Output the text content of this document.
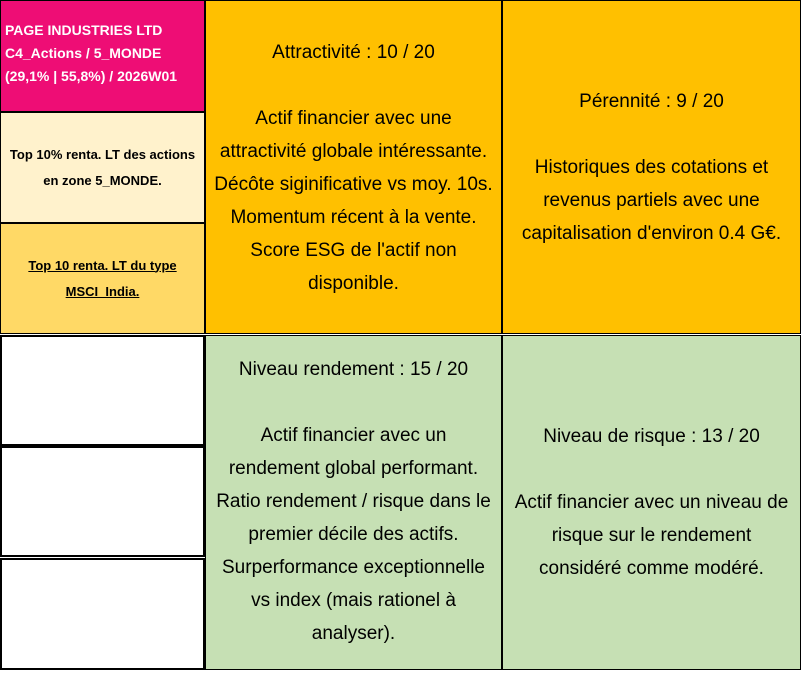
PAGE INDUSTRIES LTD
C4_Actions / 5_MONDE
(29,1% | 55,8%) / 2026W01
Top 10% renta. LT des actions en zone 5_MONDE.
Top 10 renta. LT du type MSCI_India.
Attractivité : 10 / 20
Actif financier avec une
attractivité globale intéressante.
Décôte siginificative vs moy. 10s.
Momentum récent à la vente.
Score ESG de l'actif non
disponible.
Pérennité : 9 / 20
Historiques des cotations et
revenus partiels avec une
capitalisation d'environ 0.4 G€.
Niveau rendement : 15 / 20
Actif financier avec un
rendement global performant.
Ratio rendement / risque dans le
premier décile des actifs.
Surperformance exceptionnelle
vs index (mais rationel à
analyser).
Niveau de risque : 13 / 20
Actif financier avec un niveau de
risque sur le rendement
considéré comme modéré.
